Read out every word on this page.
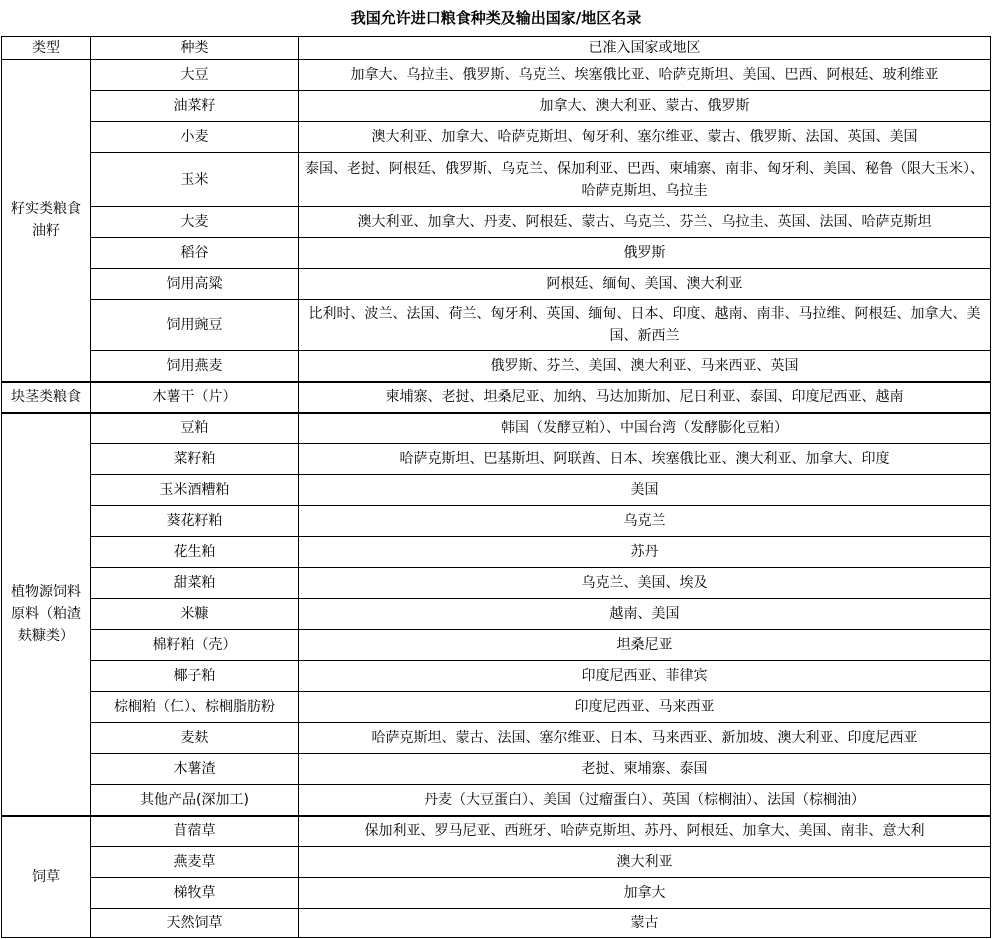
我国允许进口粮食种类及输出国家/地区名录
类型	种类	已准入国家或地区
籽实类粮食油籽	大豆	加拿大、乌拉圭、俄罗斯、乌克兰、埃塞俄比亚、哈萨克斯坦、美国、巴西、阿根廷、玻利维亚
	油菜籽	加拿大、澳大利亚、蒙古、俄罗斯
	小麦	澳大利亚、加拿大、哈萨克斯坦、匈牙利、塞尔维亚、蒙古、俄罗斯、法国、英国、美国
	玉米	泰国、老挝、阿根廷、俄罗斯、乌克兰、保加利亚、巴西、柬埔寨、南非、匈牙利、美国、秘鲁（限大玉米）、哈萨克斯坦、乌拉圭
	大麦	澳大利亚、加拿大、丹麦、阿根廷、蒙古、乌克兰、芬兰、乌拉圭、英国、法国、哈萨克斯坦
	稻谷	俄罗斯
	饲用高粱	阿根廷、缅甸、美国、澳大利亚
	饲用豌豆	比利时、波兰、法国、荷兰、匈牙利、英国、缅甸、日本、印度、越南、南非、马拉维、阿根廷、加拿大、美国、新西兰
	饲用燕麦	俄罗斯、芬兰、美国、澳大利亚、马来西亚、英国
块茎类粮食	木薯干（片）	柬埔寨、老挝、坦桑尼亚、加纳、马达加斯加、尼日利亚、泰国、印度尼西亚、越南
植物源饲料原料（粕渣麸糠类）	豆粕	韩国（发酵豆粕）、中国台湾（发酵膨化豆粕）
	菜籽粕	哈萨克斯坦、巴基斯坦、阿联酋、日本、埃塞俄比亚、澳大利亚、加拿大、印度
	玉米酒糟粕	美国
	葵花籽粕	乌克兰
	花生粕	苏丹
	甜菜粕	乌克兰、美国、埃及
	米糠	越南、美国
	棉籽粕（壳）	坦桑尼亚
	椰子粕	印度尼西亚、菲律宾
	棕榈粕（仁）、棕榈脂肪粉	印度尼西亚、马来西亚
	麦麸	哈萨克斯坦、蒙古、法国、塞尔维亚、日本、马来西亚、新加坡、澳大利亚、印度尼西亚
	木薯渣	老挝、柬埔寨、泰国
	其他产品(深加工)	丹麦（大豆蛋白）、美国（过瘤蛋白）、英国（棕榈油）、法国（棕榈油）
饲草	苜蓿草	保加利亚、罗马尼亚、西班牙、哈萨克斯坦、苏丹、阿根廷、加拿大、美国、南非、意大利
	燕麦草	澳大利亚
	梯牧草	加拿大
	天然饲草	蒙古
